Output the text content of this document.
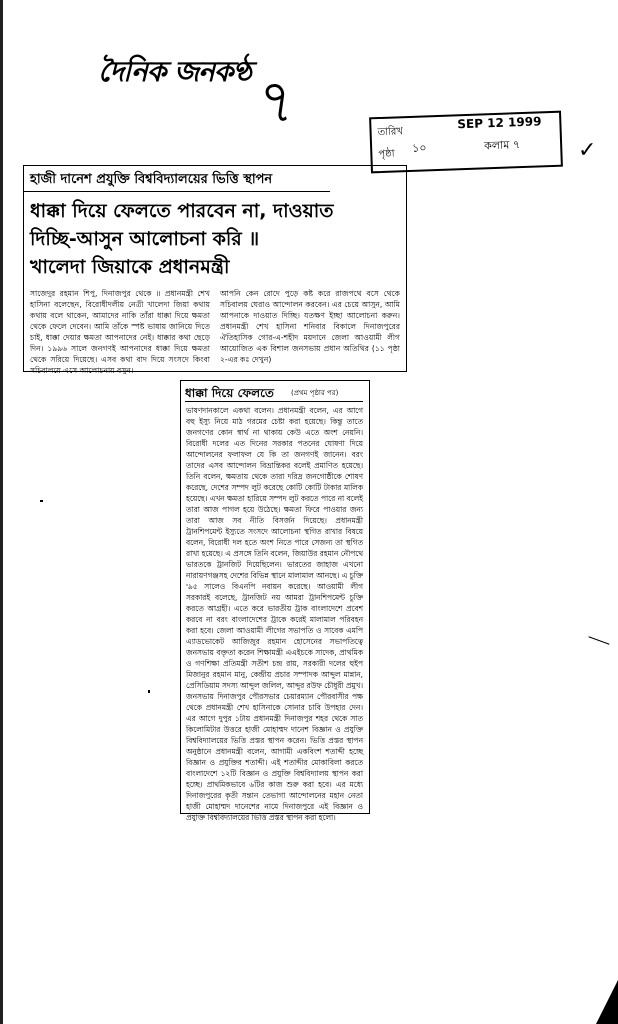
দৈনিক জনকণ্ঠ ৭	তারিখ
SEP 12 1999
পৃষ্ঠা ১০	কলাম ৭	✓
হাজী দানেশ প্রযুক্তি বিশ্ববিদ্যালয়ের ভিত্তি স্থাপন
ধাক্কা দিয়ে ফেলতে পারবেন না, দাওয়াত
দিচ্ছি-আসুন আলোচনা করি ॥
খালেদা জিয়াকে প্রধানমন্ত্রী
সাজেদুর রহমান শিপু, দিনাজপুর থেকে ॥ প্রধানমন্ত্রী শেখ হাসিনা বলেছেন, বিরোধীদলীয় নেত্রী খালেদা জিয়া কথায় কথায় বলে থাকেন, আমাদের নাকি তাঁরা ধাক্কা দিয়ে ক্ষমতা থেকে ফেলে দেবেন। আমি তাঁকে স্পষ্ট ভাষায় জানিয়ে দিতে চাই, ধাক্কা দেয়ার ক্ষমতা আপনাদের নেই। ধাক্কার কথা ছেড়ে দিন। ১৯৯৬ সালে জনগণই আপনাদের ধাক্কা দিয়ে ক্ষমতা থেকে সরিয়ে দিয়েছে। এসব কথা বাদ দিয়ে সংসদে কিংবা সচিবালয়ে এসে আলোচনায় বসুন।
আপনি কেন রোদে পুড়ে কষ্ট করে রাজপথে বসে থেকে সচিবালয় ঘেরাও আন্দোলন করবেন। এর চেয়ে আসুন, আমি আপনাকে দাওয়াত দিচ্ছি। যতক্ষণ ইচ্ছা আলোচনা করুন। প্রধানমন্ত্রী শেখ হাসিনা শনিবার বিকালে দিনাজপুরের ঐতিহাসিক গোর-এ-শহীদ ময়দানে জেলা আওয়ামী লীগ আয়োজিত এক বিশাল জনসভায় প্রধান অতিথির (১১ পৃষ্ঠা ২-এর কঃ দেখুন)
ধাক্কা দিয়ে ফেলতে (প্রথম পৃষ্ঠার পর)
ভাষণদানকালে একথা বলেন। প্রধানমন্ত্রী বলেন, এর আগে বহু ইস্যু নিয়ে মাঠ গরমের চেষ্টা করা হয়েছে। কিন্তু তাতে জনগণের কোন স্বার্থ না থাকায় কেউ এতে অংশ নেয়নি। বিরোধী দলের এত দিনের সরকার পতনের ঘোষণা দিয়ে আন্দোলনের ফলাফল যে কি তা জনগণই জানেন। বরং তাদের এসব আন্দোলন বিভ্রান্তিকর বলেই প্রমাণিত হয়েছে। তিনি বলেন, ক্ষমতায় থেকে তারা দরিদ্র জনগোষ্ঠীকে শোষণ করেছে, দেশের সম্পদ লুট করেছে কোটি কোটি টাকার মালিক হয়েছে। এখন ক্ষমতা হারিয়ে সম্পদ লুট করতে পারে না বলেই তারা আজ পাগল হয়ে উঠেছে। ক্ষমতা ফিরে পাওয়ার জন্য তারা আজ সব নীতি বিসর্জন দিয়েছে। প্রধানমন্ত্রী ট্রানশিপমেন্ট ইস্যুতে সংসদে আলোচনা স্থগিত রাখার বিষয়ে বলেন, বিরোধী দল হতে অংশ নিতে পারে সেজন্য তা স্থগিত রাখা হয়েছে। এ প্রসঙ্গে তিনি বলেন, জিয়াউর রহমান নৌপথে ভারতকে ট্রানজিট দিয়েছিলেন। ভারতের জাহাজ এখনো নারায়ণগঞ্জসহ দেশের বিভিন্ন স্থানে মালামাল আনছে। এ চুক্তি '৯৫ সালেও বিএনপি নবায়ন করেছে। আওয়ামী লীগ সরকারই বলেছে, ট্রানজিট নয় আমরা ট্রানশিপমেন্ট চুক্তি করতে আগ্রহী। এতে করে ভারতীয় ট্রাক বাংলাদেশে প্রবেশ করবে না বরং বাংলাদেশের ট্রাকে করেই মালামাল পরিবহন করা হবে। জেলা আওয়ামী লীগের সভাপতি ও সাবেক এমপি এ্যাডভোকেট আজিজুর রহমান হোসেনের সভাপতিত্বে জনসভায় বক্তৃতা করেন শিক্ষামন্ত্রী এএইচকে সাদেক, প্রাথমিক ও গণশিক্ষা প্রতিমন্ত্রী সতীশ চন্দ্র রায়, সরকারী দলের হুইপ মিজানুর রহমান মানু, কেন্দ্রীয় প্রচার সম্পাদক আব্দুল মান্নান, প্রেসিডিয়াম সদস্য আব্দুল জলিল, আব্দুর রউফ চৌধুরী প্রমুখ। জনসভায় দিনাজপুর পৌরসভার চেয়ারম্যান পৌরবাসীর পক্ষ থেকে প্রধানমন্ত্রী শেখ হাসিনাকে সোনার চাবি উপহার দেন। এর আগে দুপুর ১টায় প্রধানমন্ত্রী দিনাজপুর শহর থেকে সাত কিলোমিটার উত্তরে হাজী মোহাম্মদ দানেশ বিজ্ঞান ও প্রযুক্তি বিশ্ববিদ্যালয়ের ভিত্তি প্রস্তর স্থাপন করেন। ভিত্তি প্রস্তর স্থাপন অনুষ্ঠানে প্রধানমন্ত্রী বলেন, আগামী একবিংশ শতাব্দী হচ্ছে বিজ্ঞান ও প্রযুক্তির শতাব্দী। এই শতাব্দীর মোকাবিলা করতে বাংলাদেশে ১২টি বিজ্ঞান ও প্রযুক্তি বিশ্ববিদ্যালয় স্থাপন করা হচ্ছে। প্রাথমিকভাবে ৬টির কাজ শুরু করা হবে। এর মধ্যে দিনাজপুরের কৃতী সন্তান তেভাগা আন্দোলনের মহান নেতা হাজী মোহাম্মদ দানেশের নামে দিনাজপুরে এই বিজ্ঞান ও প্রযুক্তি বিশ্ববিদ্যালয়ের ভিত্তি প্রস্তর স্থাপন করা হলো।
